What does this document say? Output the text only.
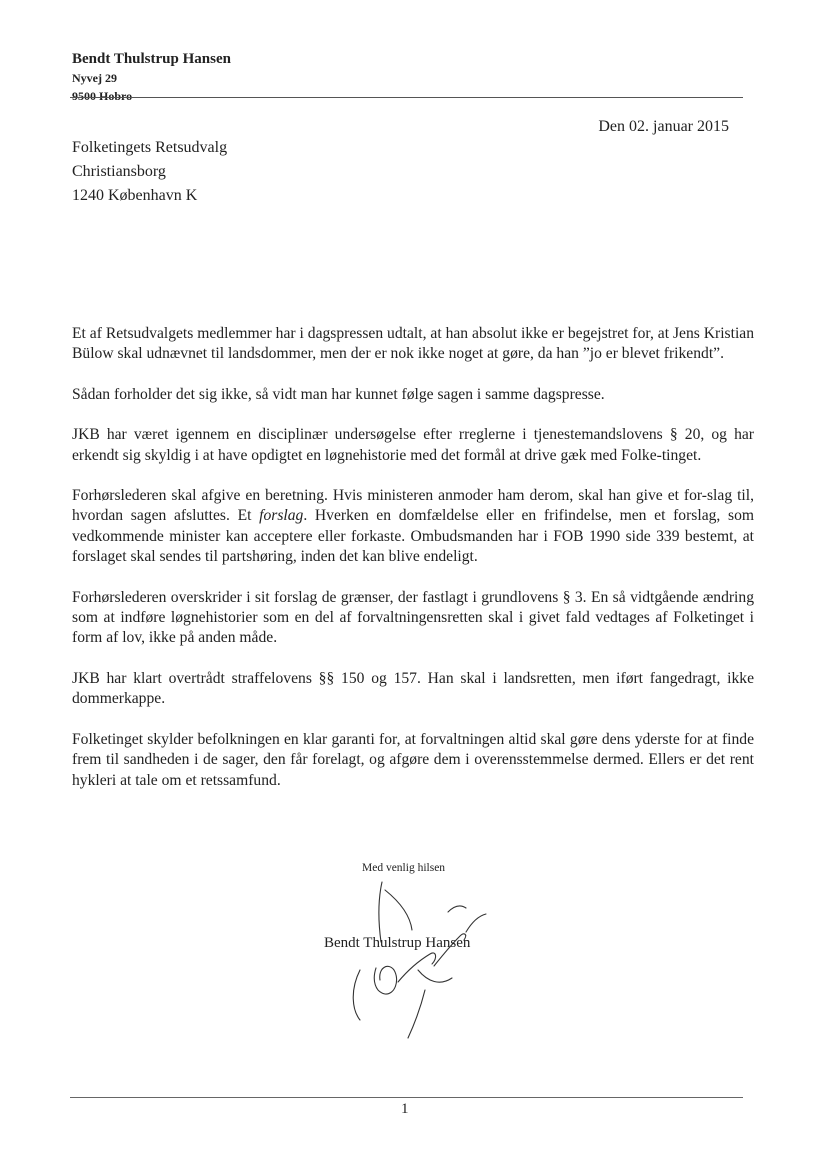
Bendt Thulstrup Hansen
Nyvej 29
9500 Hobro
Den 02. januar 2015
Folketingets Retsudvalg
Christiansborg
1240 København K

Et af Retsudvalgets medlemmer har i dagspressen udtalt, at han absolut ikke er begejstret for, at Jens Kristian Bülow skal udnævnet til landsdommer, men der er nok ikke noget at gøre, da han ”jo er blevet frikendt”.

Sådan forholder det sig ikke, så vidt man har kunnet følge sagen i samme dagspresse.

JKB har været igennem en disciplinær undersøgelse efter rreglerne i tjenestemandslovens § 20, og har erkendt sig skyldig i at have opdigtet en løgnehistorie med det formål at drive gæk med Folke-tinget.

Forhørslederen skal afgive en beretning. Hvis ministeren anmoder ham derom, skal han give et for-slag til, hvordan sagen afsluttes. Et forslag. Hverken en domfældelse eller en frifindelse, men et forslag, som vedkommende minister kan acceptere eller forkaste. Ombudsmanden har i FOB 1990 side 339 bestemt, at forslaget skal sendes til partshøring, inden det kan blive endeligt.

Forhørslederen overskrider i sit forslag de grænser, der fastlagt i grundlovens § 3. En så vidtgående ændring som at indføre løgnehistorier som en del af forvaltningensretten skal i givet fald vedtages af Folketinget i form af lov, ikke på anden måde.

JKB har klart overtrådt straffelovens §§ 150 og 157. Han skal i landsretten, men iført fangedragt, ikke dommerkappe.

Folketinget skylder befolkningen en klar garanti for, at forvaltningen altid skal gøre dens yderste for at finde frem til sandheden i de sager, den får forelagt, og afgøre dem i overensstemmelse dermed. Ellers er det rent hykleri at tale om et retssamfund.

Med venlig hilsen
Bendt Thulstrup Hansen
1
